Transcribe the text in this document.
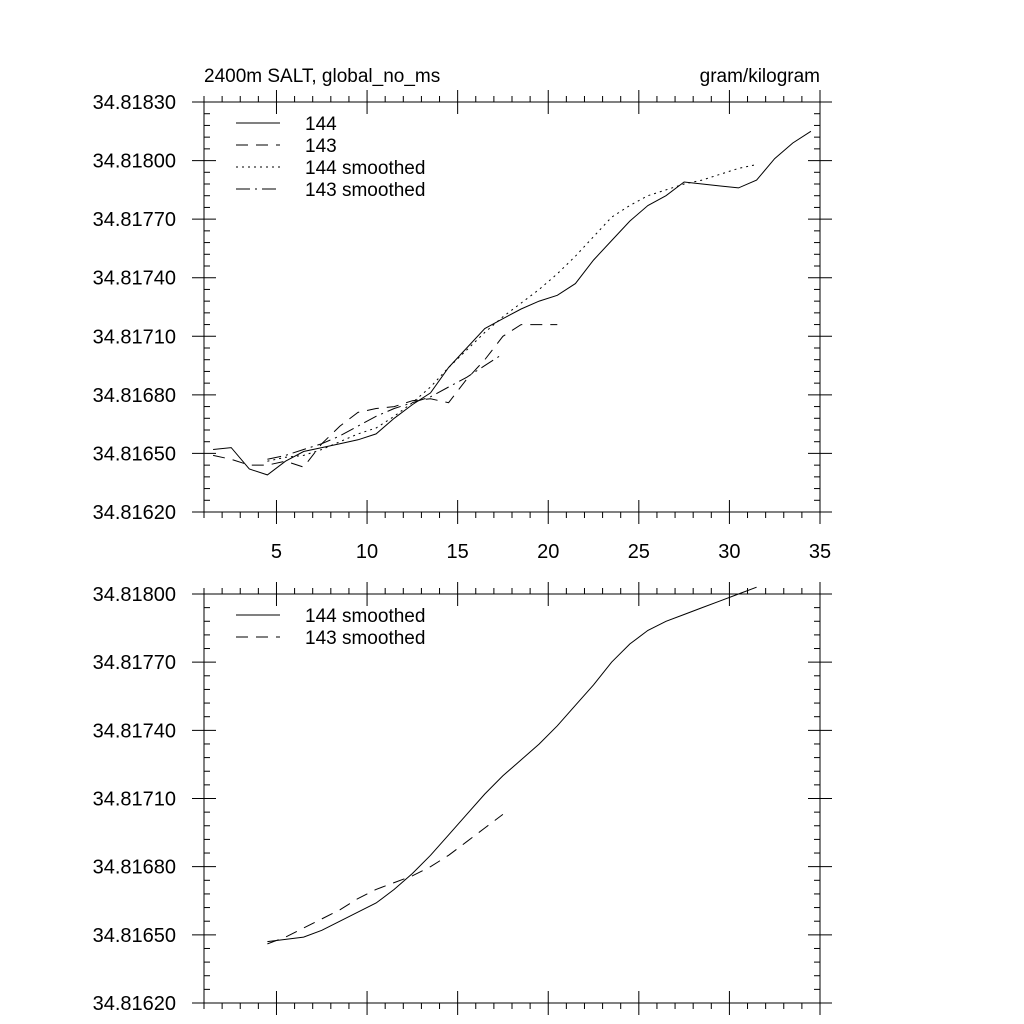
2400m SALT, global_no_ms	gram/kilogram
5	10	15	20	25	30	35
34.81620
34.81650
34.81680
34.81710
34.81740
34.81770
34.81800
34.81830
144
143
144 smoothed
143 smoothed
34.81620
34.81650
34.81680
34.81710
34.81740
34.81770
34.81800
144 smoothed
143 smoothed
